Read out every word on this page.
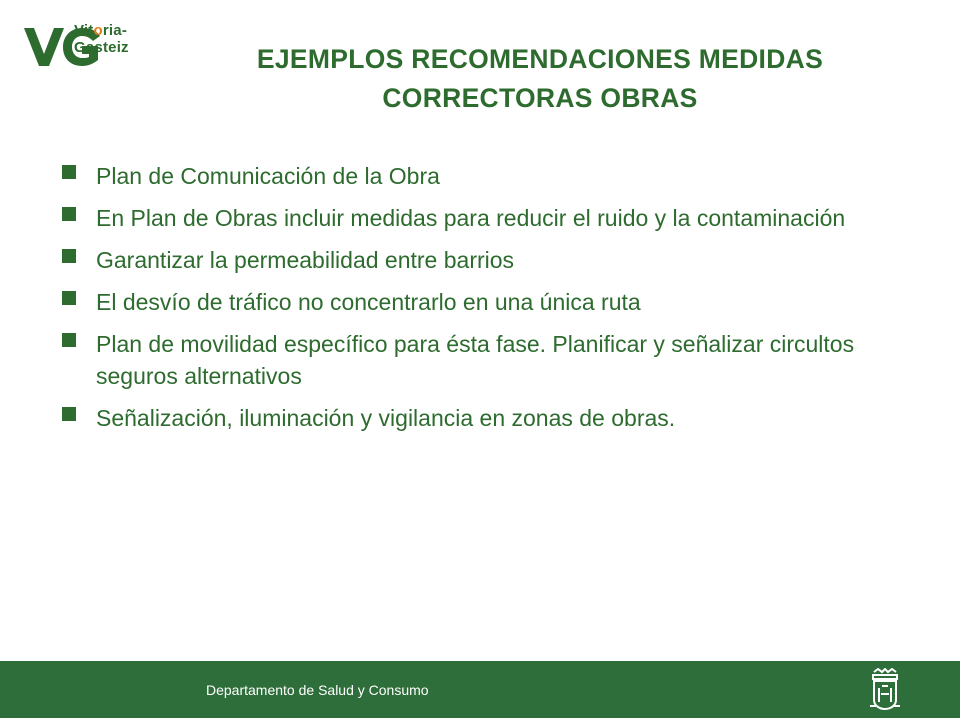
Vitoria-Gasteiz	EJEMPLOS RECOMENDACIONES MEDIDAS
CORRECTORAS OBRAS
Plan de Comunicación de la Obra
En Plan de Obras incluir medidas para reducir el ruido y la contaminación
Garantizar la permeabilidad entre barrios
El desvío de tráfico no concentrarlo en una única ruta
Plan de movilidad específico para ésta fase. Planificar y señalizar circultos seguros alternativos
Señalización, iluminación y vigilancia en zonas de obras.
Departamento de Salud y Consumo
